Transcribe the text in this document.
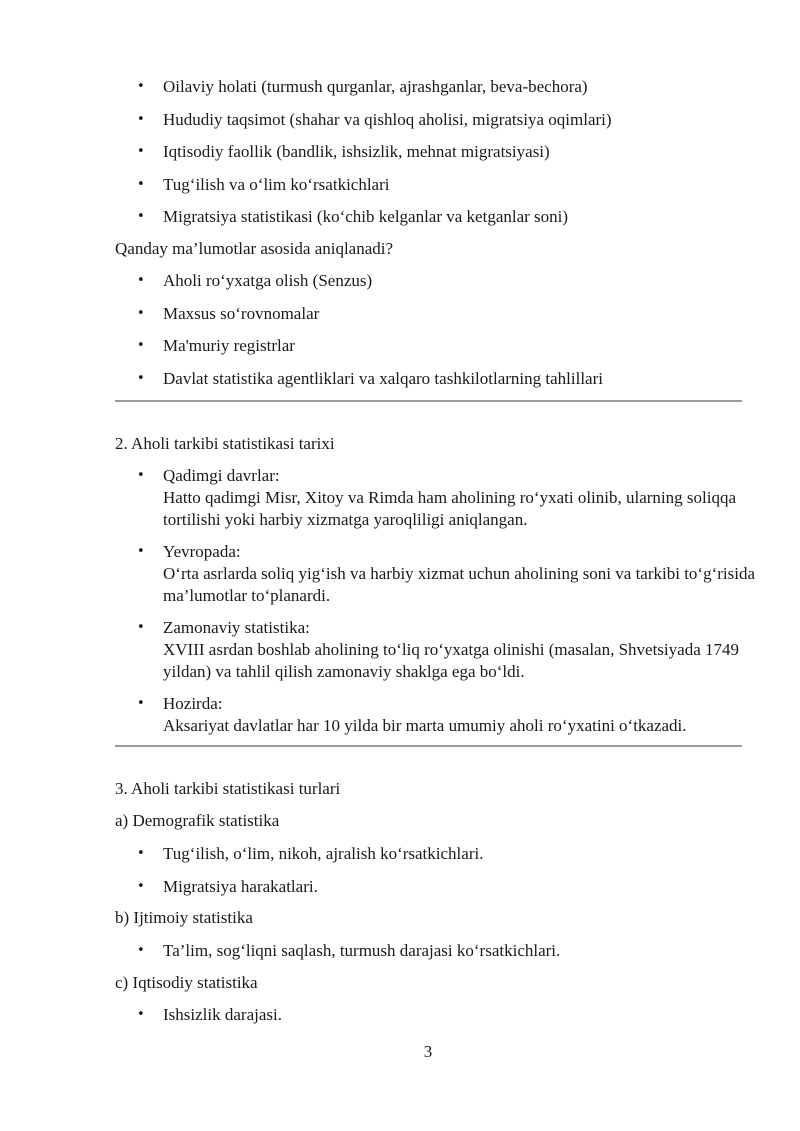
• Oilaviy holati (turmush qurganlar, ajrashganlar, beva-bechora)
• Hududiy taqsimot (shahar va qishloq aholisi, migratsiya oqimlari)
• Iqtisodiy faollik (bandlik, ishsizlik, mehnat migratsiyasi)
• Tug‘ilish va o‘lim ko‘rsatkichlari
• Migratsiya statistikasi (ko‘chib kelganlar va ketganlar soni)
Qanday ma’lumotlar asosida aniqlanadi?
• Aholi ro‘yxatga olish (Senzus)
• Maxsus so‘rovnomalar
• Ma'muriy registrlar
• Davlat statistika agentliklari va xalqaro tashkilotlarning tahlillari
2. Aholi tarkibi statistikasi tarixi
• Qadimgi davrlar:
Hatto qadimgi Misr, Xitoy va Rimda ham aholining ro‘yxati olinib, ularning soliqqa tortilishi yoki harbiy xizmatga yaroqliligi aniqlangan.
• Yevropada:
O‘rta asrlarda soliq yig‘ish va harbiy xizmat uchun aholining soni va tarkibi to‘g‘risida ma’lumotlar to‘planardi.
• Zamonaviy statistika:
XVIII asrdan boshlab aholining to‘liq ro‘yxatga olinishi (masalan, Shvetsiyada 1749 yildan) va tahlil qilish zamonaviy shaklga ega bo‘ldi.
• Hozirda:
Aksariyat davlatlar har 10 yilda bir marta umumiy aholi ro‘yxatini o‘tkazadi.
3. Aholi tarkibi statistikasi turlari
a) Demografik statistika
• Tug‘ilish, o‘lim, nikoh, ajralish ko‘rsatkichlari.
• Migratsiya harakatlari.
b) Ijtimoiy statistika
• Ta’lim, sog‘liqni saqlash, turmush darajasi ko‘rsatkichlari.
c) Iqtisodiy statistika
• Ishsizlik darajasi.
3
